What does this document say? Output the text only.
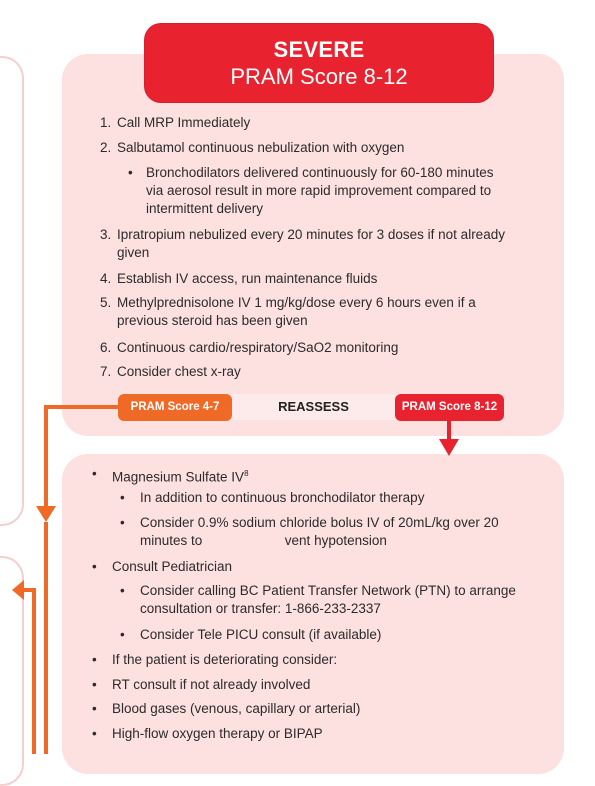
SEVERE
PRAM Score 8-12
1. Call MRP Immediately
2. Salbutamol continuous nebulization with oxygen
• Bronchodilators delivered continuously for 60-180 minutes via aerosol result in more rapid improvement compared to intermittent delivery
3. Ipratropium nebulized every 20 minutes for 3 doses if not already given
4. Establish IV access, run maintenance fluids
5. Methylprednisolone IV 1 mg/kg/dose every 6 hours even if a previous steroid has been given
6. Continuous cardio/respiratory/SaO2 monitoring
7. Consider chest x-ray
PRAM Score 4-7	REASSESS	PRAM Score 8-12
•	Magnesium Sulfate $IV^8$
•	In addition to continuous bronchodilator therapy
•	Consider 0.9% sodium chloride bolus IV of 20mL/kg over 20 minutes to                      vent hypotension
•	Consult Pediatrician
•	Consider calling BC Patient Transfer Network (PTN) to arrange consultation or transfer: 1-866-233-2337
•	Consider Tele PICU consult (if available)
•	If the patient is deteriorating consider:
•	RT consult if not already involved
•	Blood gases (venous, capillary or arterial)
•	High-flow oxygen therapy or BIPAP
